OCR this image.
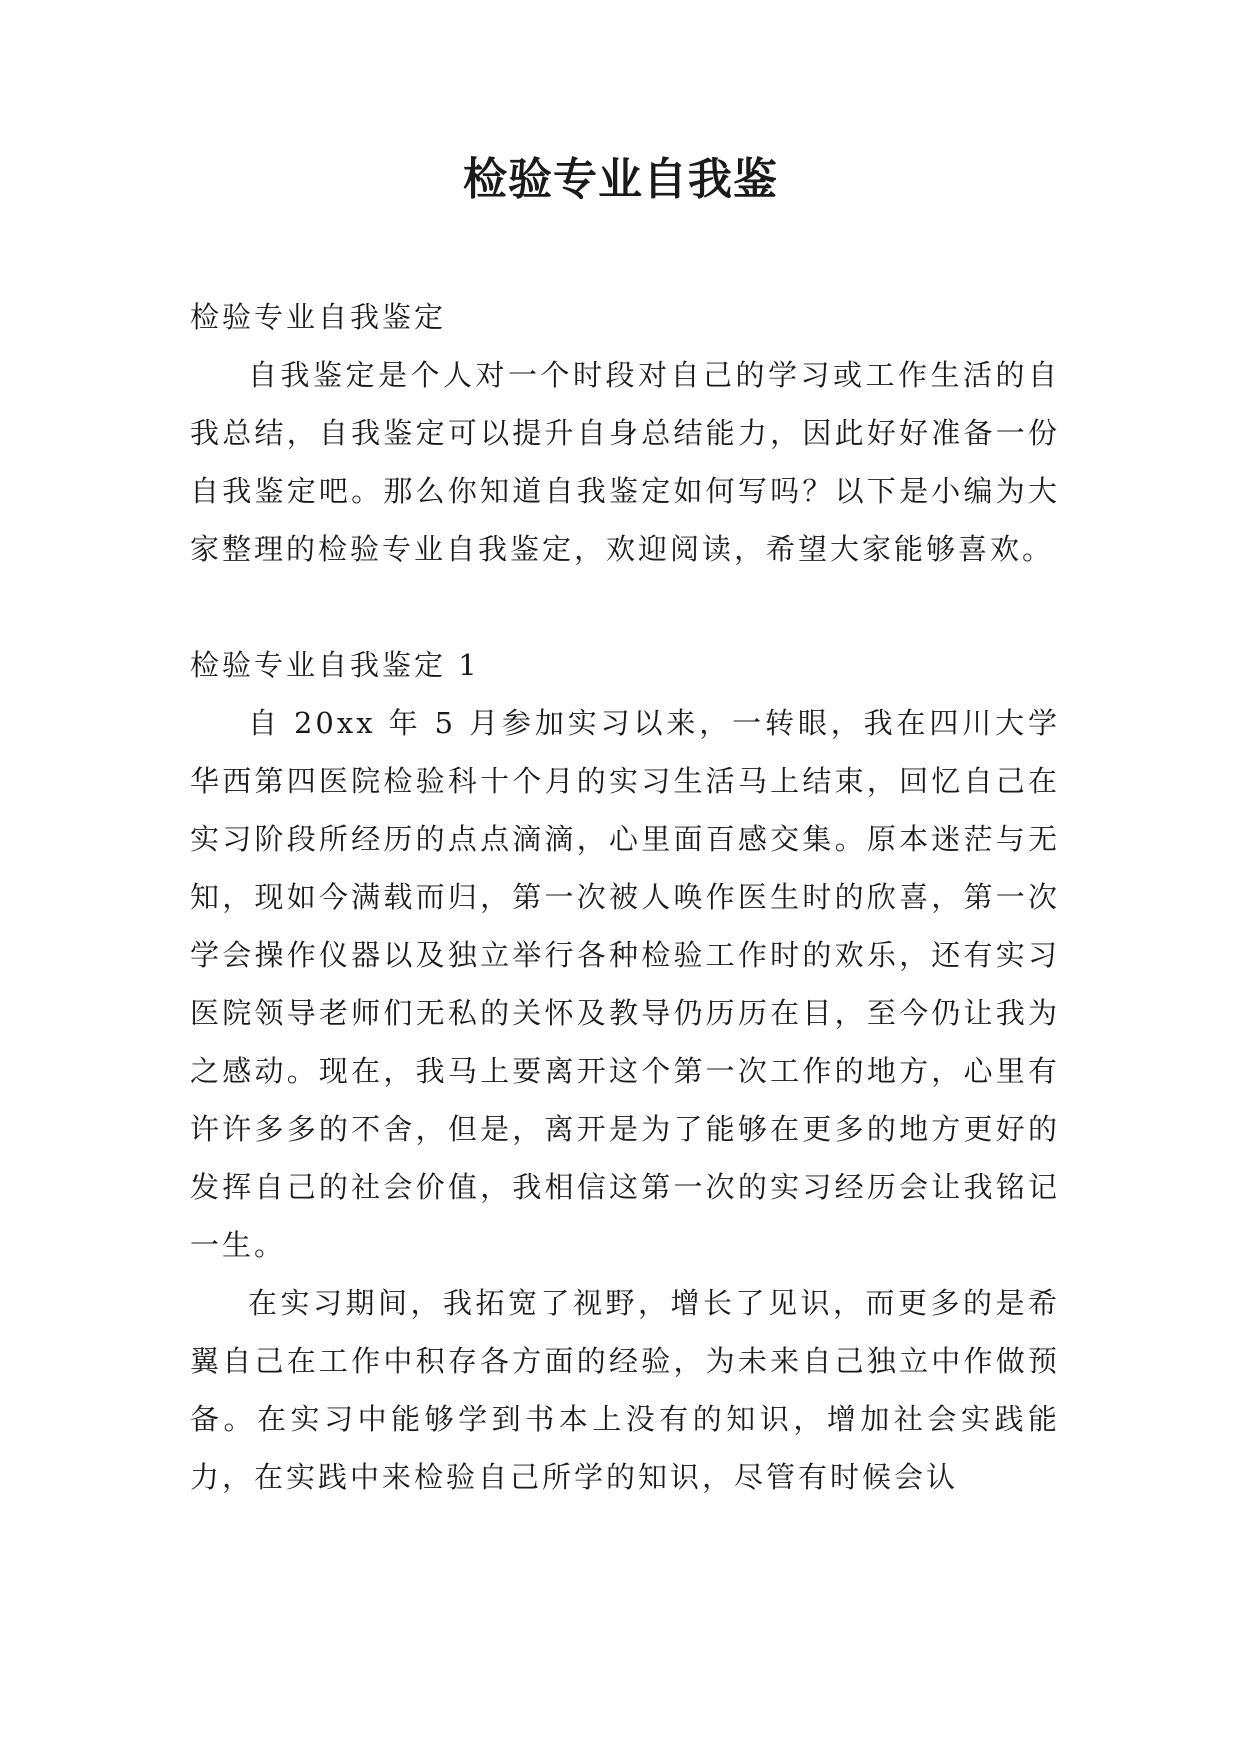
检验专业自我鉴

检验专业自我鉴定

自我鉴定是个人对一个时段对自己的学习或工作生活的自我总结，自我鉴定可以提升自身总结能力，因此好好准备一份自我鉴定吧。那么你知道自我鉴定如何写吗？以下是小编为大家整理的检验专业自我鉴定，欢迎阅读，希望大家能够喜欢。

检验专业自我鉴定 1

自 20xx 年 5 月参加实习以来，一转眼，我在四川大学华西第四医院检验科十个月的实习生活马上结束，回忆自己在实习阶段所经历的点点滴滴，心里面百感交集。原本迷茫与无知，现如今满载而归，第一次被人唤作医生时的欣喜，第一次学会操作仪器以及独立举行各种检验工作时的欢乐，还有实习医院领导老师们无私的关怀及教导仍历历在目，至今仍让我为之感动。现在，我马上要离开这个第一次工作的地方，心里有许许多多的不舍，但是，离开是为了能够在更多的地方更好的发挥自己的社会价值，我相信这第一次的实习经历会让我铭记一生。

在实习期间，我拓宽了视野，增长了见识，而更多的是希翼自己在工作中积存各方面的经验，为未来自己独立中作做预备。在实习中能够学到书本上没有的知识，增加社会实践能力，在实践中来检验自己所学的知识，尽管有时候会认
